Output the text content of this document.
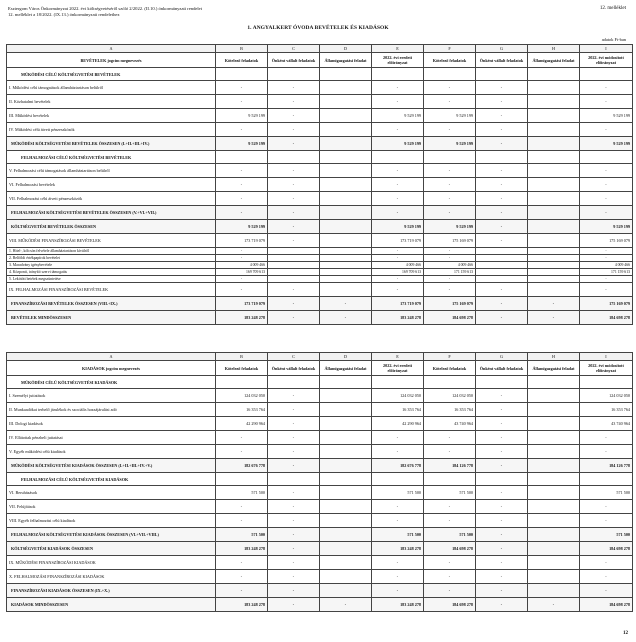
Esztergom Város Önkormányzat 2022. évi költségvetéséről szóló 2/2022. (II.10.) önkormányzati rendelet
12. melléklet a 18/2022. (IX.13.) önkormányzati rendelethez
12. melléklet
1. ANGYALKERT ÓVODA BEVÉTELEK ÉS KIADÁSOK
adatok Ft-ban
A	B	C	D	E	F	G	H	I
BEVÉTELEK jogcím megnevezés	Kötelező feladatok	Önként vállalt feladatok	Államigazgatási feladat	2022. évi eredeti előirányzat	Kötelező feladatok	Önként vállalt feladatok	Államigazgatási feladat	2022. évi módosított előirányzat
MŰKÖDÉSI CÉLÚ KÖLTSÉGVETÉSI BEVÉTELEK								
I. Működési célú támogatások államháztartáson belülről	-	-		-	-	-		-
II. Közhatalmi bevételek	-	-		-	-	-		-
III. Működési bevételek	9 529 199	-		9 529 199	9 529 199	-		9 529 199
IV. Működési célú átvett pénzeszközök	-	-		-	-	-		-
MŰKÖDÉSI KÖLTSÉGVETÉSI BEVÉTELEK ÖSSZESEN (I.+II.+III.+IV.)	9 529 199	-		9 529 199	9 529 199	-		9 529 199
FELHALMOZÁSI CÉLÚ KÖLTSÉGVETÉSI BEVÉTELEK								
V. Felhalmozási célú támogatások államháztartáson belülről	-	-		-	-	-		-
VI. Felhalmozási bevételek	-	-		-	-	-		-
VII. Felhalmozási célú átvett pénzeszközök	-	-		-	-	-		-
FELHALMOZÁSI KÖLTSÉGVETÉSI BEVÉTELEK ÖSSZESEN (V.+VI.+VII.)	-	-		-	-	-		-
KÖLTSÉGVETÉSI BEVÉTELEK ÖSSZESEN	9 529 199	-		9 529 199	9 529 199	-		9 529 199
VIII. MŰKÖDÉSI FINANSZÍROZÁSI BEVÉTELEK	173 719 079	-		173 719 079	175 169 079	-		175 169 079
1. Hitel-, kölcsön felvétele államháztartáson kívülről	-			-	-			-
2. Belföldi értékpapírok bevételei	-			-	-			-
3. Maradvány igénybevétele	4 009 466			4 009 466	4 009 466			4 009 466
4. Központi, irányító szervi támogatás	169 709 613			169 709 613	171 159 613			171 159 613
5. Lekötött betétek megszüntetése	-			-	-			-
IX. FELHALMOZÁSI FINANSZÍROZÁSI BEVÉTELEK	-	-		-	-	-		-
FINANSZÍROZÁSI BEVÉTELEK ÖSSZESEN (VIII.+IX.)	173 719 079	-	-	173 719 079	175 169 079	-	-	175 169 079
BEVÉTELEK MINDÖSSZESEN	183 248 278	-	-	183 248 278	184 698 278	-	-	184 698 278
A	B	C	D	E	F	G	H	I
KIADÁSOK jogcím megnevezés	Kötelező feladatok	Önként vállalt feladatok	Államigazgatási feladat	2022. évi eredeti előirányzat	Kötelező feladatok	Önként vállalt feladatok	Államigazgatási feladat	2022. évi módosított előirányzat
MŰKÖDÉSI CÉLÚ KÖLTSÉGVETÉSI KIADÁSOK								
I. Személyi juttatások	124 032 050	-		124 032 050	124 032 050	-		124 032 050
II. Munkaadókat terhelő járulékok és szociális hozzájárulási adó	16 353 764	-		16 353 764	16 353 764	-		16 353 764
III. Dologi kiadások	42 290 964	-		42 290 964	43 740 964	-		43 740 964
IV. Ellátottak pénzbeli juttatásai	-	-		-	-	-		-
V. Egyéb működési célú kiadások	-	-		-	-	-		-
MŰKÖDÉSI KÖLTSÉGVETÉSI KIADÁSOK ÖSSZESEN (I.+II.+III.+IV.+V.)	182 676 778	-		182 676 778	184 126 778	-		184 126 778
FELHALMOZÁSI CÉLÚ KÖLTSÉGVETÉSI KIADÁSOK								
VI. Beruházások	571 500	-		571 500	571 500	-		571 500
VII. Felújítások	-	-		-	-	-		-
VIII. Egyéb felhalmozási célú kiadások	-	-		-	-	-		-
FELHALMOZÁSI KÖLTSÉGVETÉSI KIADÁSOK ÖSSZESEN (VI.+VII.+VIII.)	571 500	-		571 500	571 500	-		571 500
KÖLTSÉGVETÉSI KIADÁSOK ÖSSZESEN	183 248 278	-		183 248 278	184 698 278	-		184 698 278
IX. MŰKÖDÉSI FINANSZÍROZÁSI KIADÁSOK	-	-		-	-	-		-
X. FELHALMOZÁSI FINANSZÍROZÁSI KIADÁSOK	-	-		-	-	-		-
FINANSZÍROZÁSI KIADÁSOK ÖSSZESEN (IX.+X.)	-	-		-	-	-		-
KIADÁSOK MINDÖSSZESEN	183 248 278	-	-	183 248 278	184 698 278	-	-	184 698 278
12
